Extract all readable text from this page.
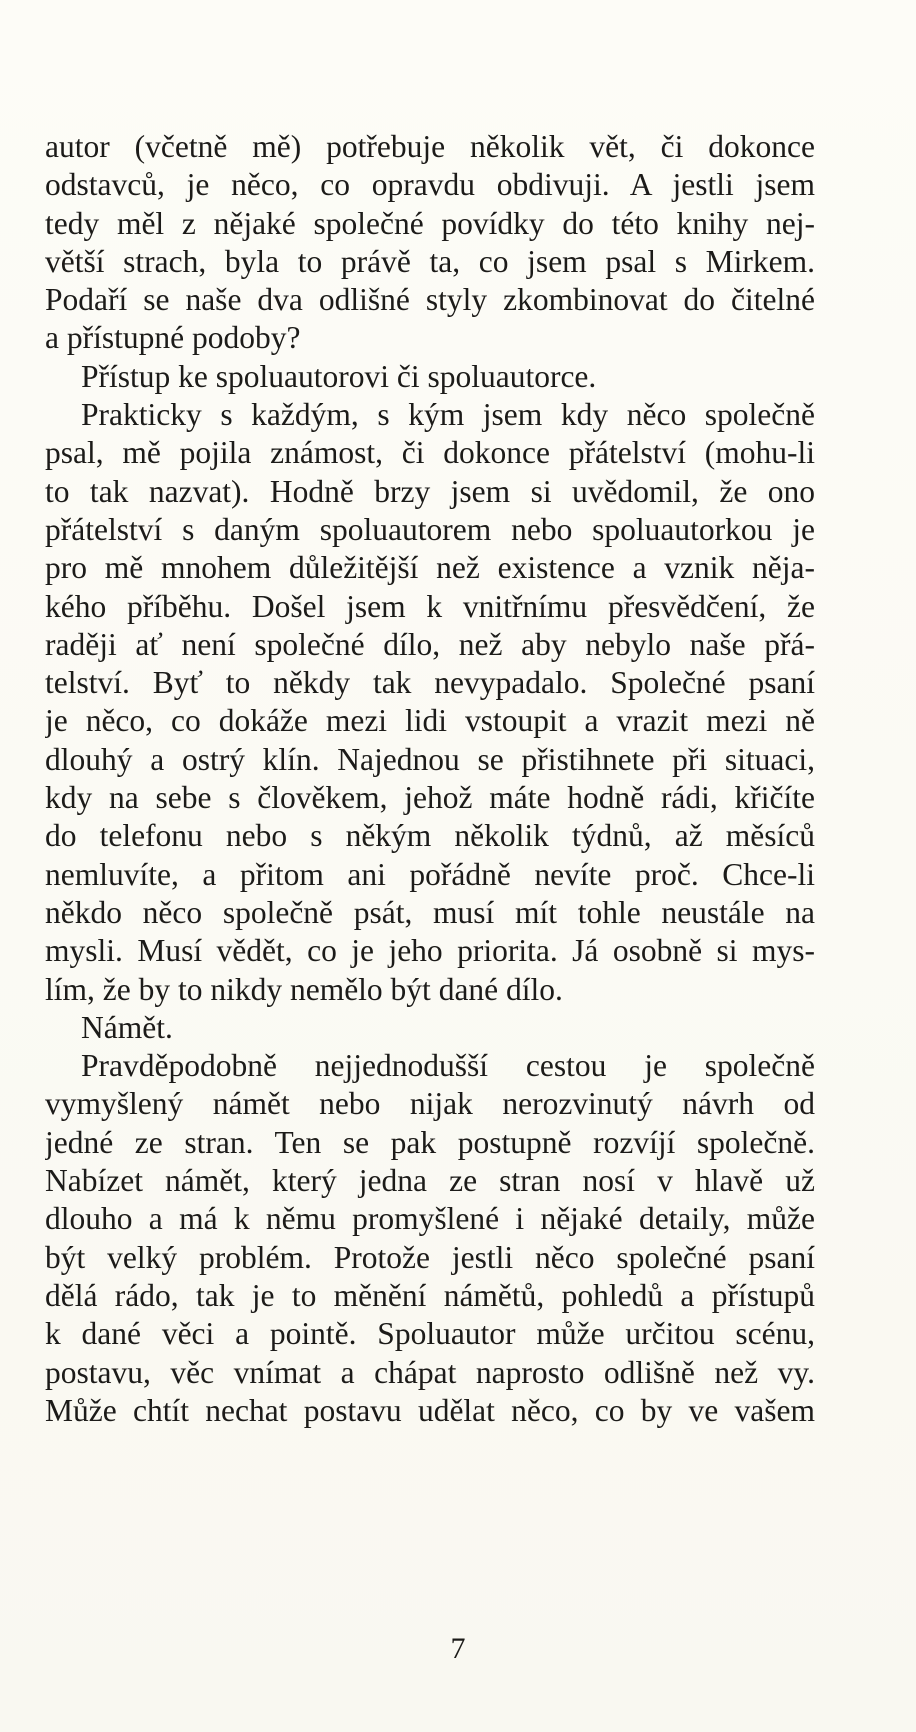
autor (včetně mě) potřebuje několik vět, či dokonce
odstavců, je něco, co opravdu obdivuji. A jestli jsem
tedy měl z nějaké společné povídky do této knihy nej-
větší strach, byla to právě ta, co jsem psal s Mirkem.
Podaří se naše dva odlišné styly zkombinovat do čitelné
a přístupné podoby?
Přístup ke spoluautorovi či spoluautorce.
Prakticky s každým, s kým jsem kdy něco společně
psal, mě pojila známost, či dokonce přátelství (mohu-li
to tak nazvat). Hodně brzy jsem si uvědomil, že ono
přátelství s daným spoluautorem nebo spoluautorkou je
pro mě mnohem důležitější než existence a vznik něja-
kého příběhu. Došel jsem k vnitřnímu přesvědčení, že
raději ať není společné dílo, než aby nebylo naše přá-
telství. Byť to někdy tak nevypadalo. Společné psaní
je něco, co dokáže mezi lidi vstoupit a vrazit mezi ně
dlouhý a ostrý klín. Najednou se přistihnete při situaci,
kdy na sebe s člověkem, jehož máte hodně rádi, křičíte
do telefonu nebo s někým několik týdnů, až měsíců
nemluvíte, a přitom ani pořádně nevíte proč. Chce-li
někdo něco společně psát, musí mít tohle neustále na
mysli. Musí vědět, co je jeho priorita. Já osobně si mys-
lím, že by to nikdy nemělo být dané dílo.
Námět.
Pravděpodobně nejjednodušší cestou je společně
vymyšlený námět nebo nijak nerozvinutý návrh od
jedné ze stran. Ten se pak postupně rozvíjí společně.
Nabízet námět, který jedna ze stran nosí v hlavě už
dlouho a má k němu promyšlené i nějaké detaily, může
být velký problém. Protože jestli něco společné psaní
dělá rádo, tak je to měnění námětů, pohledů a přístupů
k dané věci a pointě. Spoluautor může určitou scénu,
postavu, věc vnímat a chápat naprosto odlišně než vy.
Může chtít nechat postavu udělat něco, co by ve vašem
7
